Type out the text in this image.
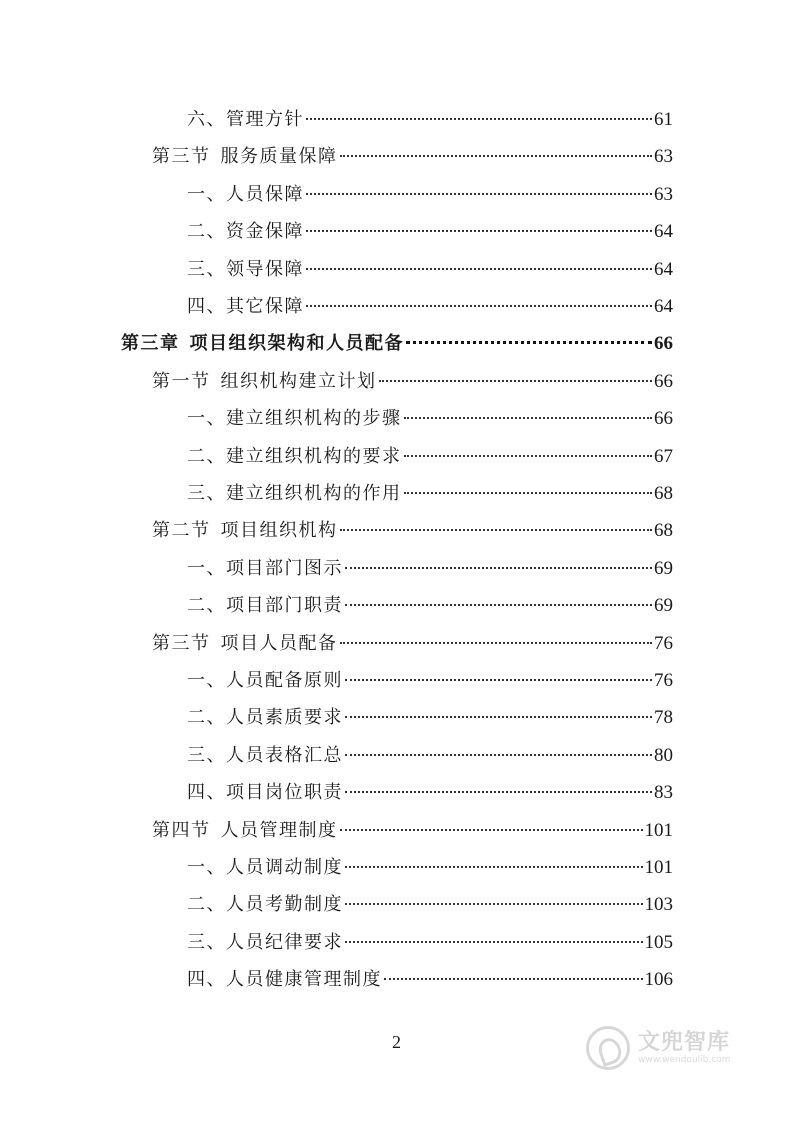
六、管理方针	61
第三节 服务质量保障	63
一、人员保障	63
二、资金保障	64
三、领导保障	64
四、其它保障	64
第三章 项目组织架构和人员配备	66
第一节 组织机构建立计划	66
一、建立组织机构的步骤	66
二、建立组织机构的要求	67
三、建立组织机构的作用	68
第二节 项目组织机构	68
一、项目部门图示	69
二、项目部门职责	69
第三节 项目人员配备	76
一、人员配备原则	76
二、人员素质要求	78
三、人员表格汇总	80
四、项目岗位职责	83
第四节 人员管理制度	101
一、人员调动制度	101
二、人员考勤制度	103
三、人员纪律要求	105
四、人员健康管理制度	106
2	文兜智库
www.wendoulib.com
